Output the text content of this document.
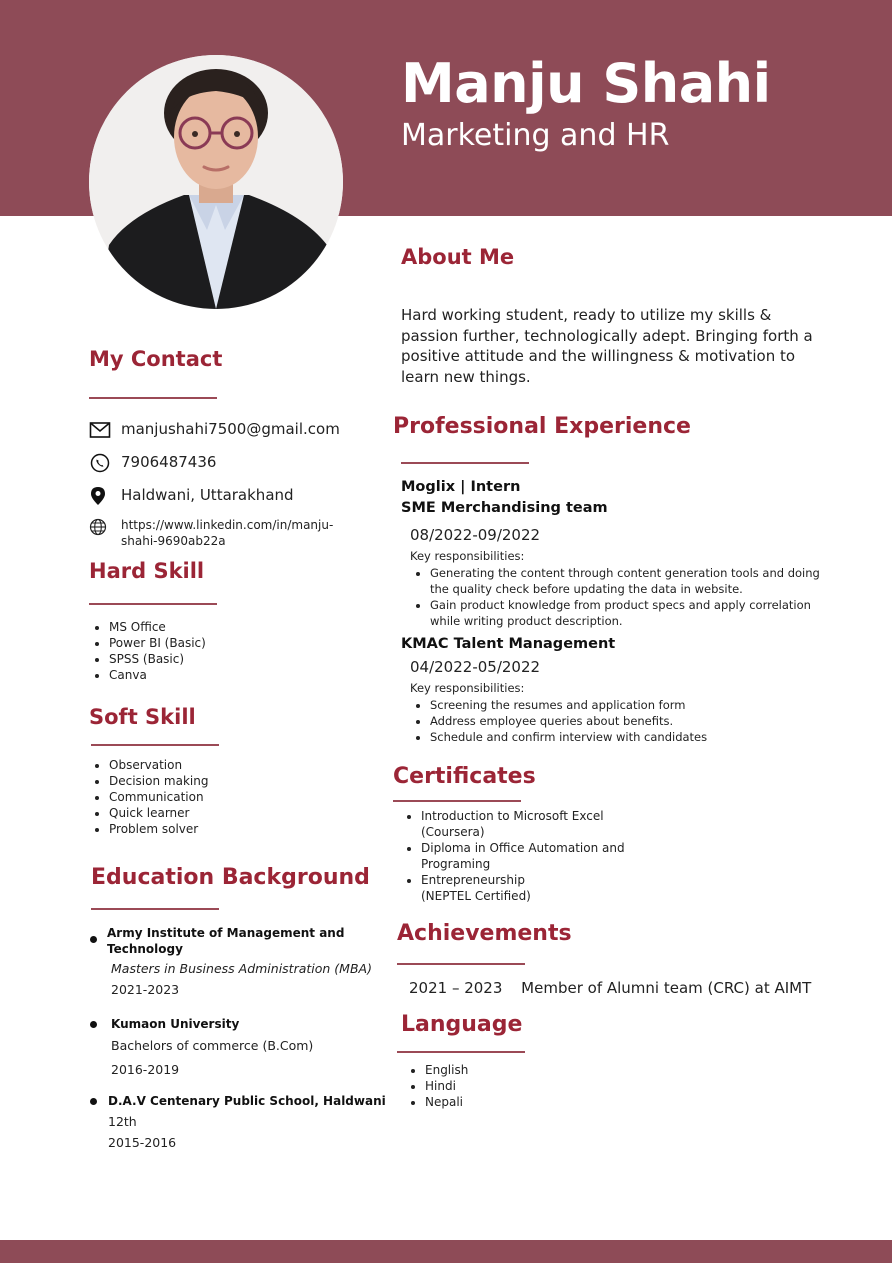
Manju Shahi

Marketing and HR

My Contact
manjushahi7500@gmail.com
7906487436
Haldwani, Uttarakhand
https://www.linkedin.com/in/manju-shahi-9690ab22a
Hard Skill
• MS Office
• Power BI (Basic)
• SPSS (Basic)
• Canva
Soft Skill
• Observation
• Decision making
• Communication
• Quick learner
• Problem solver
Education Background

Army Institute of Management and Technology

Masters in Business Administration (MBA)

2021-2023

Kumaon University

Bachelors of commerce (B.Com)

2016-2019

D.A.V Centenary Public School, Haldwani

12th

2015-2016

About Me

Hard working student, ready to utilize my skills & passion further, technologically adept. Bringing forth a positive attitude and the willingness & motivation to learn new things.

Professional Experience

Moglix | Intern

SME Merchandising team

08/2022-09/2022

Key responsibilities:

• Generating the content through content generation tools and doing the quality check before updating the data in website.
• Gain product knowledge from product specs and apply correlation while writing product description.

KMAC Talent Management

04/2022-05/2022

Key responsibilities:

• Screening the resumes and application form
• Address employee queries about benefits.
• Schedule and confirm interview with candidates
Certificates
• Introduction to Microsoft Excel
(Coursera)
• Diploma in Office Automation and
Programing
• Entrepreneurship
(NEPTEL Certified)
Achievements

2021 – 2023 Member of Alumni team (CRC) at AIMT

Language
• English
• Hindi
• Nepali
